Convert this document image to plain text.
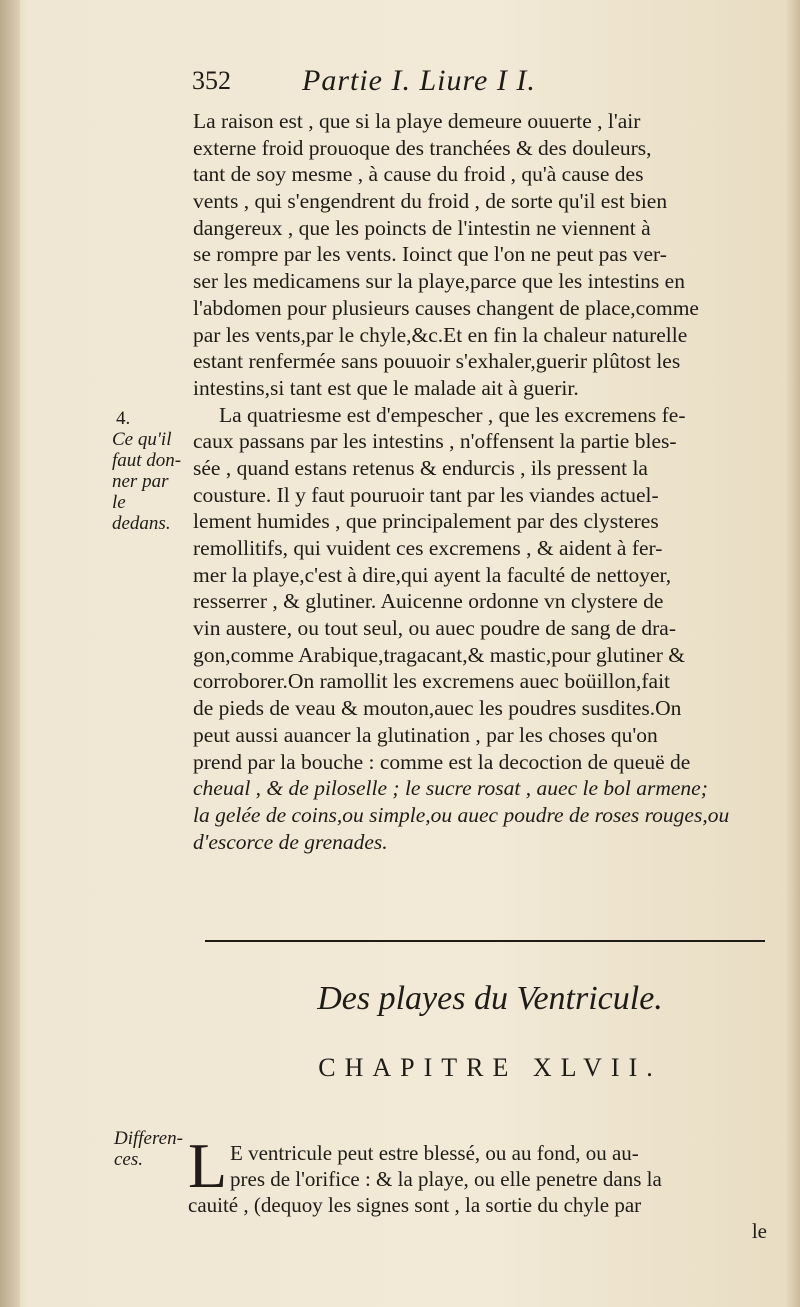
352 Partie I. Liure I I.
La raison est , que si la playe demeure ouuerte , l'air
externe froid prouoque des tranchées & des douleurs,
tant de soy mesme , à cause du froid , qu'à cause des
vents , qui s'engendrent du froid , de sorte qu'il est bien
dangereux , que les poincts de l'intestin ne viennent à
se rompre par les vents. Ioinct que l'on ne peut pas ver-
ser les medicamens sur la playe,parce que les intestins en
l'abdomen pour plusieurs causes changent de place,comme
par les vents,par le chyle,&c.Et en fin la chaleur naturelle
estant renfermée sans pouuoir s'exhaler,guerir plûtost les
intestins,si tant est que le malade ait à guerir.
La quatriesme est d'empescher , que les excremens fe-
caux passans par les intestins , n'offensent la partie bles-
sée , quand estans retenus & endurcis , ils pressent la
cousture. Il y faut pouruoir tant par les viandes actuel-
lement humides , que principalement par des clysteres
remollitifs, qui vuident ces excremens , & aident à fer-
mer la playe,c'est à dire,qui ayent la faculté de nettoyer,
resserrer , & glutiner. Auicenne ordonne vn clystere de
vin austere, ou tout seul, ou auec poudre de sang de dra-
gon,comme Arabique,tragacant,& mastic,pour glutiner &
corroborer.On ramollit les excremens auec boüillon,fait
de pieds de veau & mouton,auec les poudres susdites.On
peut aussi auancer la glutination , par les choses qu'on
prend par la bouche : comme est la decoction de queuë de
cheual , & de pilosellе ; le sucre rosat , auec le bol armene;
la gelée de coins,ou simple,ou auec poudre de roses rouges,ou
d'escorce de grenades.
4.
Ce qu'il
faut don-
ner par
le dedans.
Des playes du Ventricule.
CHAPITRE XLVII.
Differen-
ces. L E ventricule peut estre blessé, ou au fond, ou au-
pres de l'orifice : & la playe, ou elle penetre dans la
cauité , (dequoy les signes sont , la sortie du chyle par
le
